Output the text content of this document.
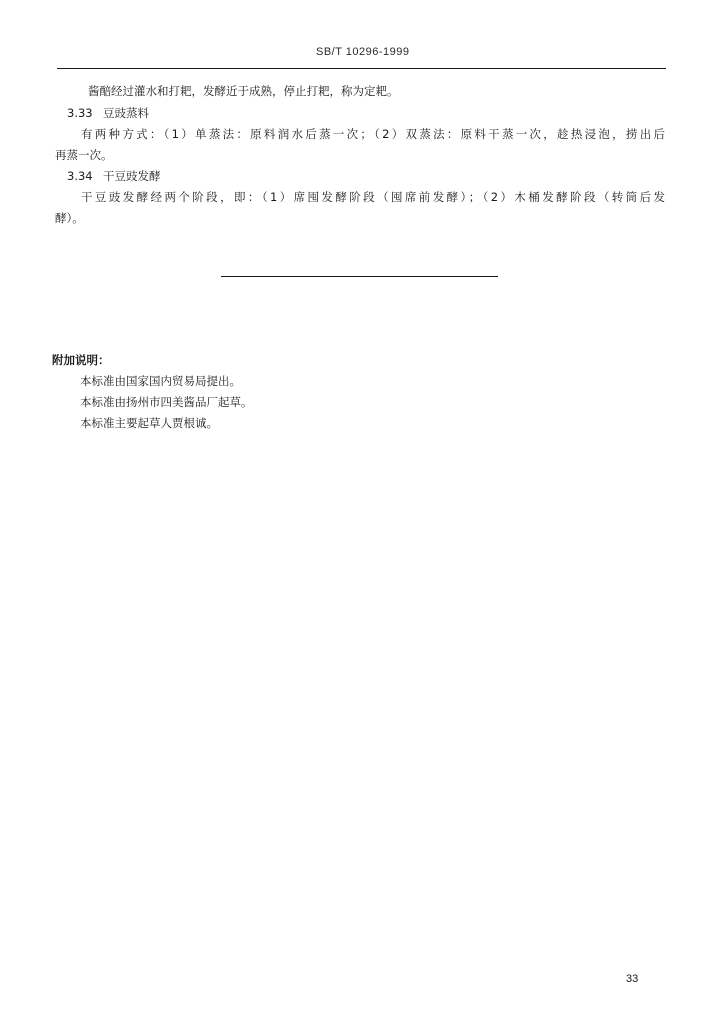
SB/T 10296-1999
酱醅经过灌水和打耙，发酵近于成熟，停止打耙，称为定耙。
3.33 豆豉蒸料
有两种方式：（1）单蒸法：原料润水后蒸一次；（2）双蒸法：原料干蒸一次，趁热浸泡，捞出后
再蒸一次。
3.34 干豆豉发酵
干豆豉发酵经两个阶段，即：（1）席囤发酵阶段（囤席前发酵）；（2）木桶发酵阶段（转筒后发
酵）。
附加说明：
本标准由国家国内贸易局提出。
本标准由扬州市四美酱品厂起草。
本标准主要起草人贾根诚。
33
